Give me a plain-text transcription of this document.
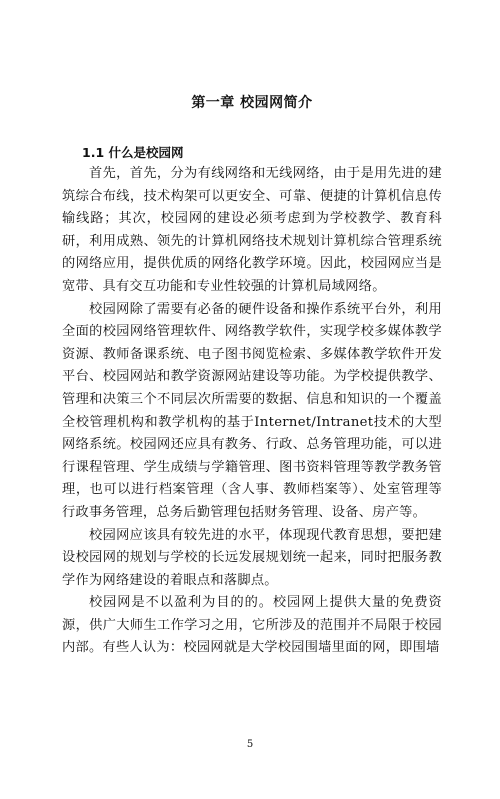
第一章 校园网简介
1.1 什么是校园网

首先，首先，分为有线网络和无线网络，由于是用先进的建筑综合布线，技术构架可以更安全、可靠、便捷的计算机信息传输线路；其次，校园网的建设必须考虑到为学校教学、教育科研，利用成熟、领先的计算机网络技术规划计算机综合管理系统的网络应用，提供优质的网络化教学环境。因此，校园网应当是宽带、具有交互功能和专业性较强的计算机局域网络。

校园网除了需要有必备的硬件设备和操作系统平台外，利用全面的校园网络管理软件、网络教学软件，实现学校多媒体教学资源、教师备课系统、电子图书阅览检索、多媒体教学软件开发平台、校园网站和教学资源网站建设等功能。为学校提供教学、管理和决策三个不同层次所需要的数据、信息和知识的一个覆盖全校管理机构和教学机构的基于Internet/Intranet技术的大型网络系统。校园网还应具有教务、行政、总务管理功能，可以进行课程管理、学生成绩与学籍管理、图书资料管理等教学教务管理，也可以进行档案管理（含人事、教师档案等）、处室管理等行政事务管理，总务后勤管理包括财务管理、设备、房产等。

校园网应该具有较先进的水平，体现现代教育思想，要把建设校园网的规划与学校的长远发展规划统一起来，同时把服务教学作为网络建设的着眼点和落脚点。

校园网是不以盈利为目的的。校园网上提供大量的免费资源，供广大师生工作学习之用，它所涉及的范围并不局限于校园内部。有些人认为：校园网就是大学校园围墙里面的网，即围墙

5
